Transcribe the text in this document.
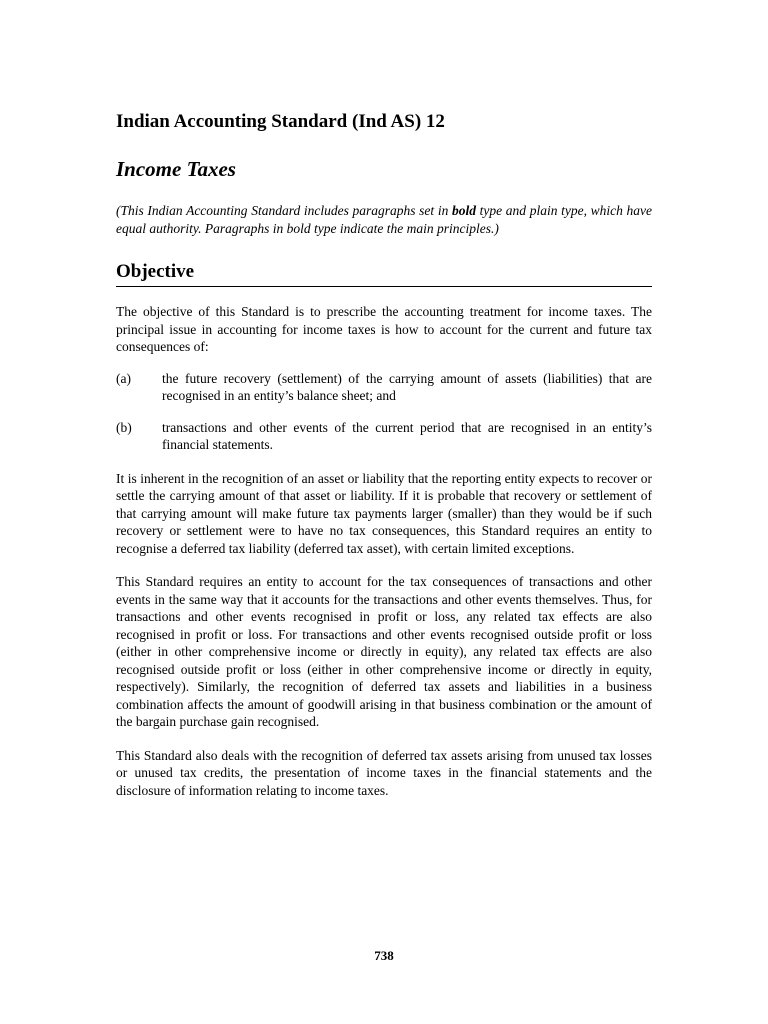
Indian Accounting Standard (Ind AS) 12
Income Taxes

(This Indian Accounting Standard includes paragraphs set in bold type and plain type, which have equal authority. Paragraphs in bold type indicate the main principles.)

Objective

The objective of this Standard is to prescribe the accounting treatment for income taxes. The principal issue in accounting for income taxes is how to account for the current and future tax consequences of:

(a)	the future recovery (settlement) of the carrying amount of assets (liabilities) that are recognised in an entity’s balance sheet; and
(b)	transactions and other events of the current period that are recognised in an entity’s financial statements.

It is inherent in the recognition of an asset or liability that the reporting entity expects to recover or settle the carrying amount of that asset or liability. If it is probable that recovery or settlement of that carrying amount will make future tax payments larger (smaller) than they would be if such recovery or settlement were to have no tax consequences, this Standard requires an entity to recognise a deferred tax liability (deferred tax asset), with certain limited exceptions.

This Standard requires an entity to account for the tax consequences of transactions and other events in the same way that it accounts for the transactions and other events themselves. Thus, for transactions and other events recognised in profit or loss, any related tax effects are also recognised in profit or loss. For transactions and other events recognised outside profit or loss (either in other comprehensive income or directly in equity), any related tax effects are also recognised outside profit or loss (either in other comprehensive income or directly in equity, respectively). Similarly, the recognition of deferred tax assets and liabilities in a business combination affects the amount of goodwill arising in that business combination or the amount of the bargain purchase gain recognised.

This Standard also deals with the recognition of deferred tax assets arising from unused tax losses or unused tax credits, the presentation of income taxes in the financial statements and the disclosure of information relating to income taxes.

738
